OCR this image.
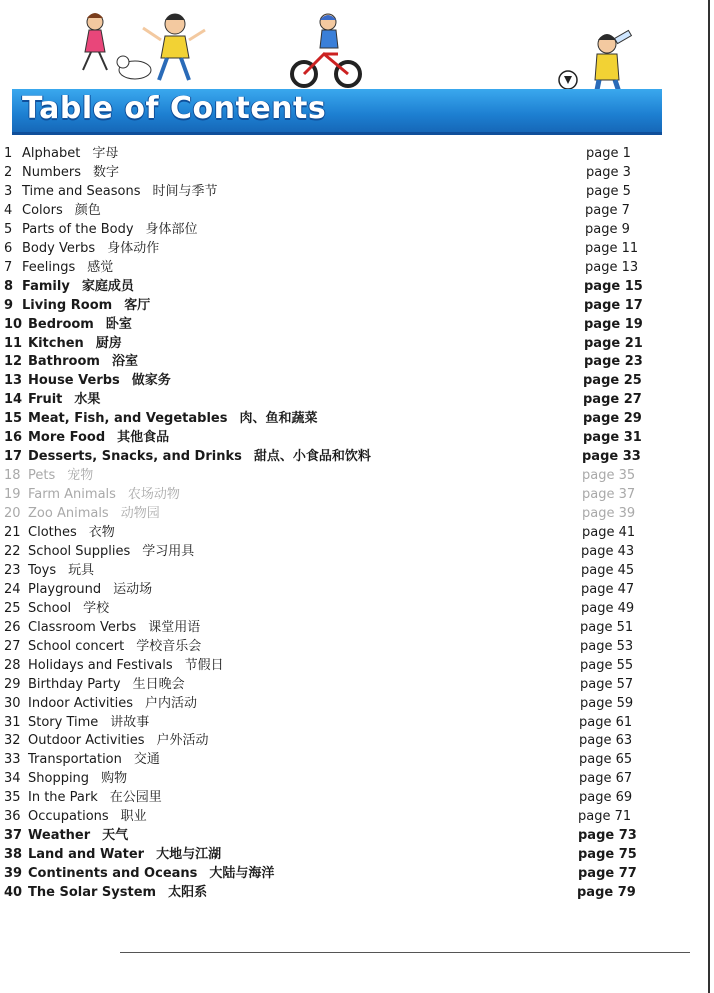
Table of Contents
1 Alphabet 字母	page 1
2 Numbers 数字	page 3
3 Time and Seasons 时间与季节	page 5
4 Colors 颜色	page 7
5 Parts of the Body 身体部位	page 9
6 Body Verbs 身体动作	page 11
7 Feelings 感觉	page 13
8 Family 家庭成员	page 15
9 Living Room 客厅	page 17
10 Bedroom 卧室	page 19
11 Kitchen 厨房	page 21
12 Bathroom 浴室	page 23
13 House Verbs 做家务	page 25
14 Fruit 水果	page 27
15 Meat, Fish, and Vegetables 肉、鱼和蔬菜	page 29
16 More Food 其他食品	page 31
17 Desserts, Snacks, and Drinks 甜点、小食品和饮料	page 33
18 Pets 宠物	page 35
19 Farm Animals 农场动物	page 37
20 Zoo Animals 动物园	page 39
21 Clothes 衣物	page 41
22 School Supplies 学习用具	page 43
23 Toys 玩具	page 45
24 Playground 运动场	page 47
25 School 学校	page 49
26 Classroom Verbs 课堂用语	page 51
27 School concert 学校音乐会	page 53
28 Holidays and Festivals 节假日	page 55
29 Birthday Party 生日晚会	page 57
30 Indoor Activities 户内活动	page 59
31 Story Time 讲故事	page 61
32 Outdoor Activities 户外活动	page 63
33 Transportation 交通	page 65
34 Shopping 购物	page 67
35 In the Park 在公园里	page 69
36 Occupations 职业	page 71
37 Weather 天气	page 73
38 Land and Water 大地与江湖	page 75
39 Continents and Oceans 大陆与海洋	page 77
40 The Solar System 太阳系	page 79
